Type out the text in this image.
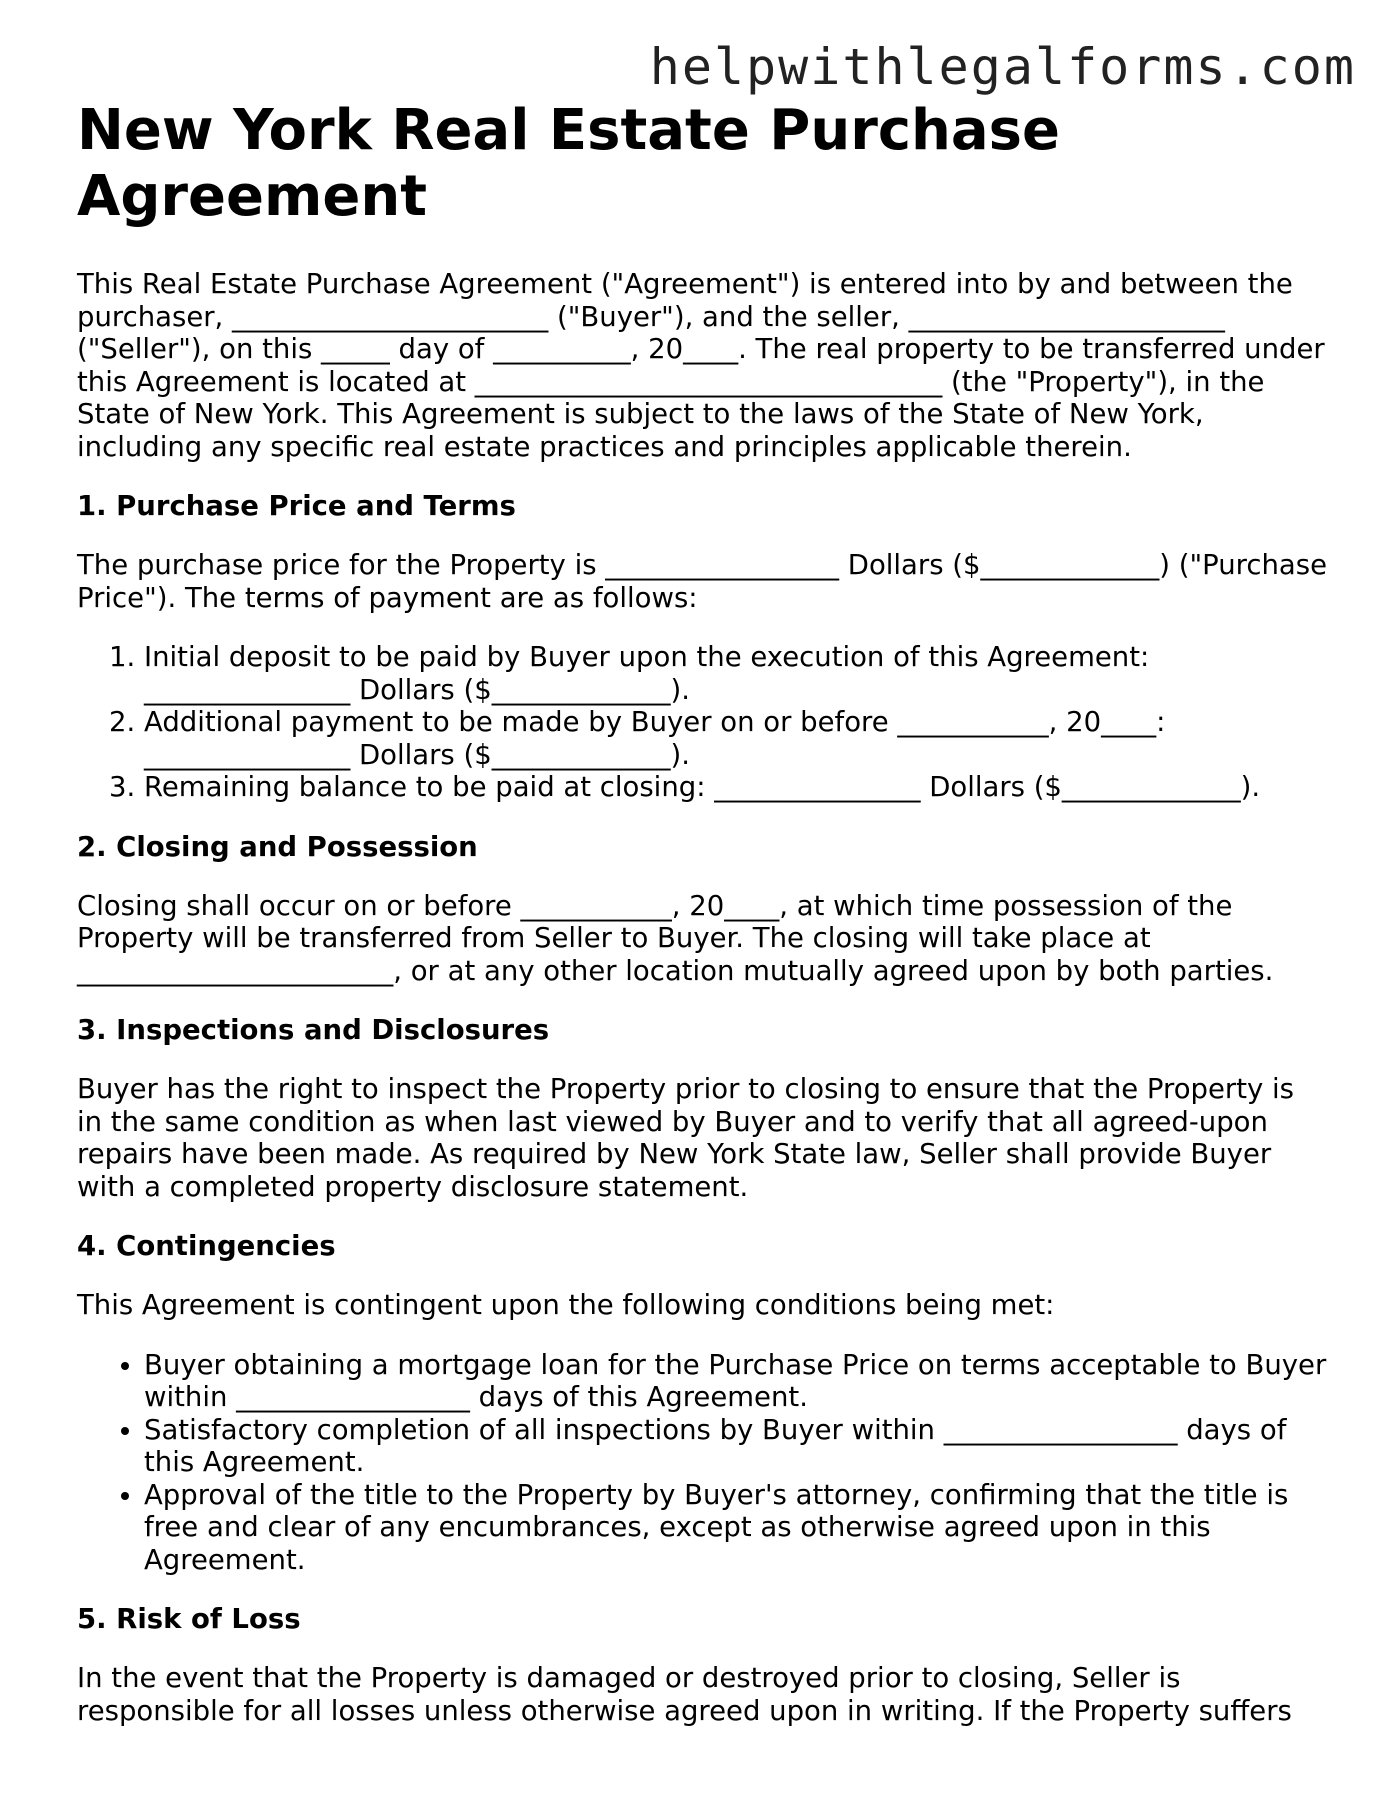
helpwithlegalforms.com

New York Real Estate Purchase Agreement

This Real Estate Purchase Agreement ("Agreement") is entered into by and between the purchaser, _______________________ ("Buyer"), and the seller, _______________________ ("Seller"), on this _____ day of __________, 20____. The real property to be transferred under this Agreement is located at __________________________________ (the "Property"), in the State of New York. This Agreement is subject to the laws of the State of New York, including any specific real estate practices and principles applicable therein.

1. Purchase Price and Terms

The purchase price for the Property is _________________ Dollars ($_____________) ("Purchase Price"). The terms of payment are as follows:

1. Initial deposit to be paid by Buyer upon the execution of this Agreement: _______________ Dollars ($_____________).
2. Additional payment to be made by Buyer on or before ___________, 20____: _______________ Dollars ($_____________).
3. Remaining balance to be paid at closing: _______________ Dollars ($_____________).
2. Closing and Possession

Closing shall occur on or before ___________, 20____, at which time possession of the Property will be transferred from Seller to Buyer. The closing will take place at _______________________, or at any other location mutually agreed upon by both parties.

3. Inspections and Disclosures

Buyer has the right to inspect the Property prior to closing to ensure that the Property is in the same condition as when last viewed by Buyer and to verify that all agreed-upon repairs have been made. As required by New York State law, Seller shall provide Buyer with a completed property disclosure statement.

4. Contingencies

This Agreement is contingent upon the following conditions being met:

• Buyer obtaining a mortgage loan for the Purchase Price on terms acceptable to Buyer within _________________ days of this Agreement.
• Satisfactory completion of all inspections by Buyer within _________________ days of this Agreement.
• Approval of the title to the Property by Buyer's attorney, confirming that the title is free and clear of any encumbrances, except as otherwise agreed upon in this Agreement.
5. Risk of Loss

In the event that the Property is damaged or destroyed prior to closing, Seller is responsible for all losses unless otherwise agreed upon in writing. If the Property suffers
